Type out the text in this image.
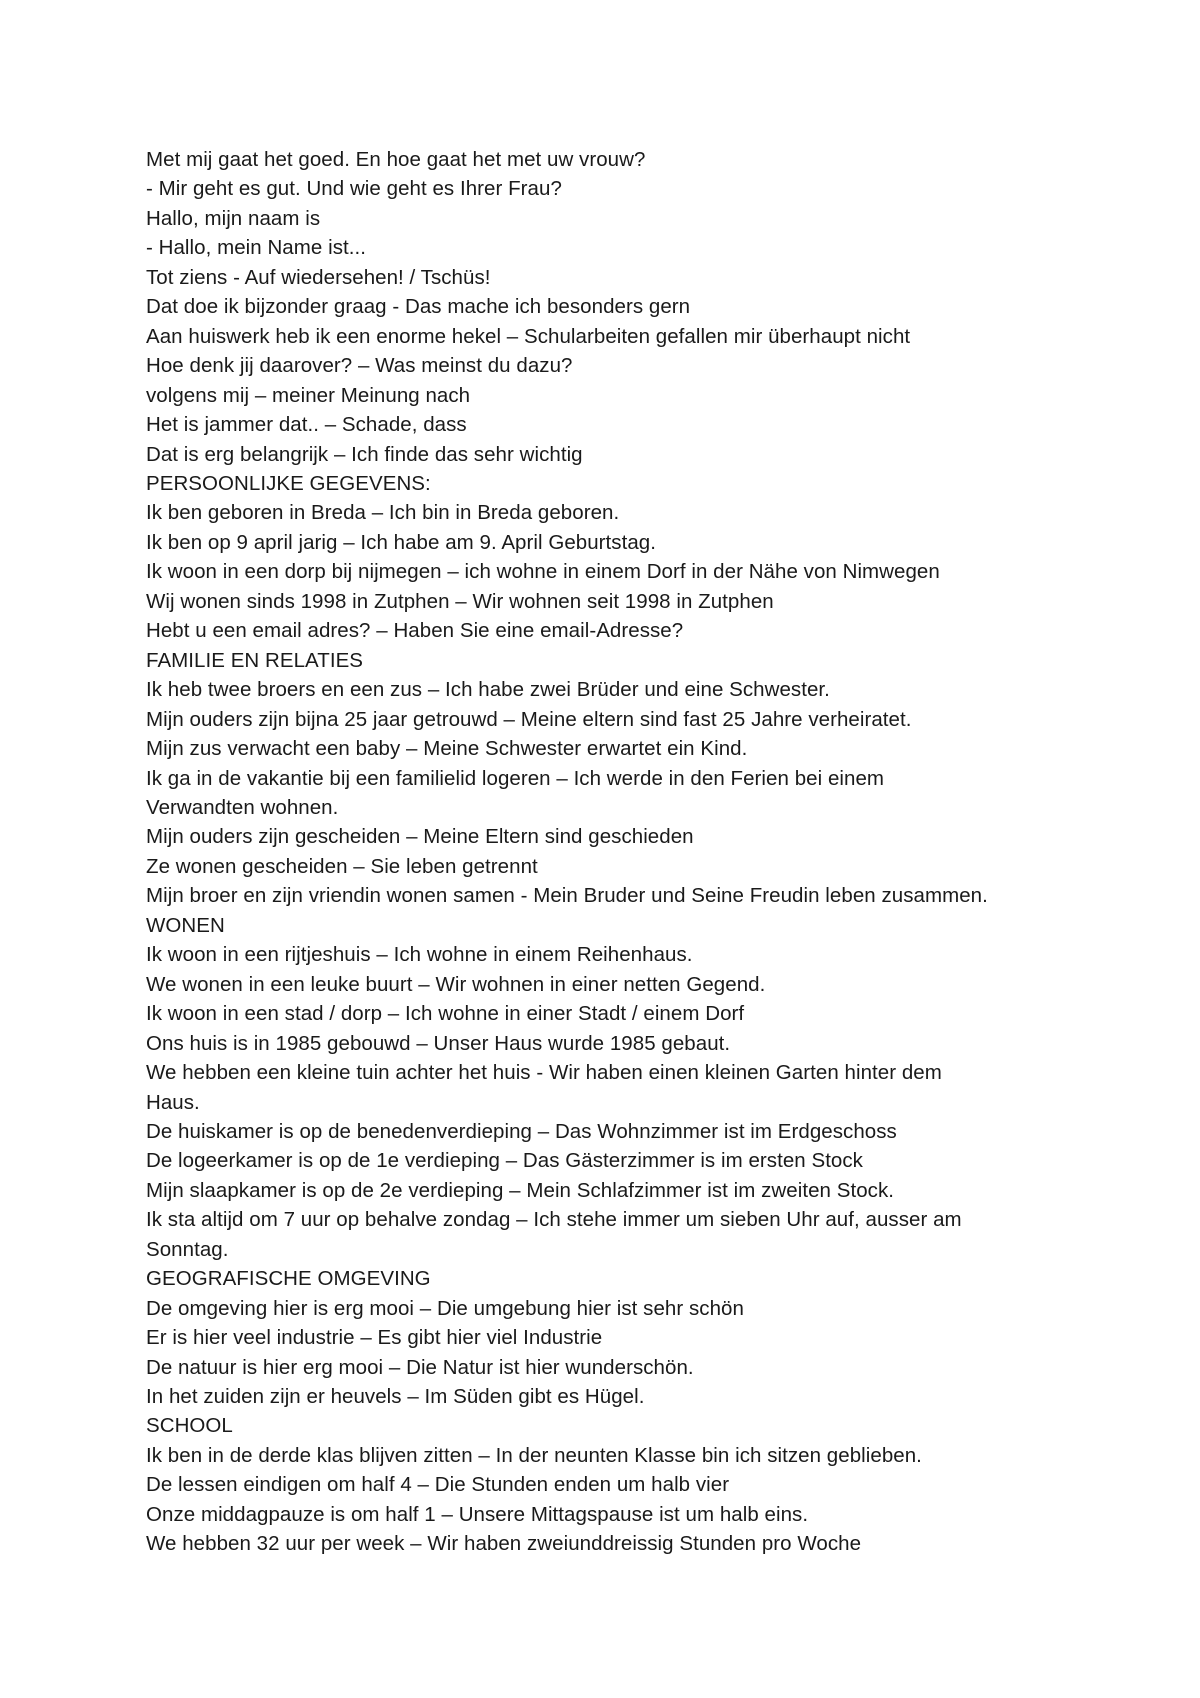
Met mij gaat het goed. En hoe gaat het met uw vrouw?

- Mir geht es gut. Und wie geht es Ihrer Frau?

Hallo, mijn naam is

- Hallo, mein Name ist...

Tot ziens - Auf wiedersehen! / Tschüs!

Dat doe ik bijzonder graag - Das mache ich besonders gern

Aan huiswerk heb ik een enorme hekel – Schularbeiten gefallen mir überhaupt nicht

Hoe denk jij daarover? – Was meinst du dazu?

volgens mij – meiner Meinung nach

Het is jammer dat.. – Schade, dass

Dat is erg belangrijk – Ich finde das sehr wichtig

PERSOONLIJKE GEGEVENS:

Ik ben geboren in Breda – Ich bin in Breda geboren.

Ik ben op 9 april jarig – Ich habe am 9. April Geburtstag.

Ik woon in een dorp bij nijmegen – ich wohne in einem Dorf in der Nähe von Nimwegen

Wij wonen sinds 1998 in Zutphen – Wir wohnen seit 1998 in Zutphen

Hebt u een email adres? – Haben Sie eine email-Adresse?

FAMILIE EN RELATIES

Ik heb twee broers en een zus – Ich habe zwei Brüder und eine Schwester.

Mijn ouders zijn bijna 25 jaar getrouwd – Meine eltern sind fast 25 Jahre verheiratet.

Mijn zus verwacht een baby – Meine Schwester erwartet ein Kind.

Ik ga in de vakantie bij een familielid logeren – Ich werde in den Ferien bei einem

Verwandten wohnen.

Mijn ouders zijn gescheiden – Meine Eltern sind geschieden

Ze wonen gescheiden – Sie leben getrennt

Mijn broer en zijn vriendin wonen samen - Mein Bruder und Seine Freudin leben zusammen.

WONEN

Ik woon in een rijtjeshuis – Ich wohne in einem Reihenhaus.

We wonen in een leuke buurt – Wir wohnen in einer netten Gegend.

Ik woon in een stad / dorp – Ich wohne in einer Stadt / einem Dorf

Ons huis is in 1985 gebouwd – Unser Haus wurde 1985 gebaut.

We hebben een kleine tuin achter het huis - Wir haben einen kleinen Garten hinter dem

Haus.

De huiskamer is op de benedenverdieping – Das Wohnzimmer ist im Erdgeschoss

De logeerkamer is op de 1e verdieping – Das Gästerzimmer is im ersten Stock

Mijn slaapkamer is op de 2e verdieping – Mein Schlafzimmer ist im zweiten Stock.

Ik sta altijd om 7 uur op behalve zondag – Ich stehe immer um sieben Uhr auf, ausser am

Sonntag.

GEOGRAFISCHE OMGEVING

De omgeving hier is erg mooi – Die umgebung hier ist sehr schön

Er is hier veel industrie – Es gibt hier viel Industrie

De natuur is hier erg mooi – Die Natur ist hier wunderschön.

In het zuiden zijn er heuvels – Im Süden gibt es Hügel.

SCHOOL

Ik ben in de derde klas blijven zitten – In der neunten Klasse bin ich sitzen geblieben.

De lessen eindigen om half 4 – Die Stunden enden um halb vier

Onze middagpauze is om half 1 – Unsere Mittagspause ist um halb eins.

We hebben 32 uur per week – Wir haben zweiunddreissig Stunden pro Woche
